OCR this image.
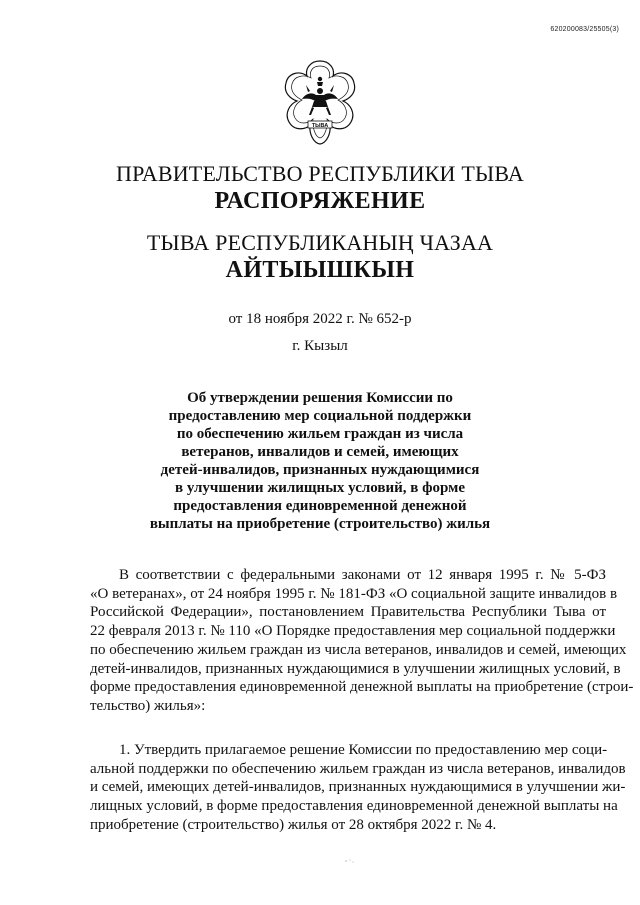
620200083/25505(3)
ТЫВА
ПРАВИТЕЛЬСТВО РЕСПУБЛИКИ ТЫВА
РАСПОРЯЖЕНИЕ
ТЫВА РЕСПУБЛИКАНЫҢ ЧАЗАА
АЙТЫЫШКЫН
от 18 ноября 2022 г. № 652-р
г. Кызыл
Об утверждении решения Комиссии по
предоставлению мер социальной поддержки
по обеспечению жильем граждан из числа
ветеранов, инвалидов и семей, имеющих
детей-инвалидов, признанных нуждающимися
в улучшении жилищных условий, в форме
предоставления единовременной денежной
выплаты на приобретение (строительство) жилья
В соответствии с федеральными законами от 12 января 1995 г. № 5-ФЗ
«О ветеранах», от 24 ноября 1995 г. № 181-ФЗ «О социальной защите инвалидов в
Российской Федерации», постановлением Правительства Республики Тыва от
22 февраля 2013 г. № 110 «О Порядке предоставления мер социальной поддержки
по обеспечению жильем граждан из числа ветеранов, инвалидов и семей, имеющих
детей-инвалидов, признанных нуждающимися в улучшении жилищных условий, в
форме предоставления единовременной денежной выплаты на приобретение (строи-
тельство) жилья»:
1. Утвердить прилагаемое решение Комиссии по предоставлению мер соци-
альной поддержки по обеспечению жильем граждан из числа ветеранов, инвалидов
и семей, имеющих детей-инвалидов, признанных нуждающимися в улучшении жи-
лищных условий, в форме предоставления единовременной денежной выплаты на
приобретение (строительство) жилья от 28 октября 2022 г. № 4.
